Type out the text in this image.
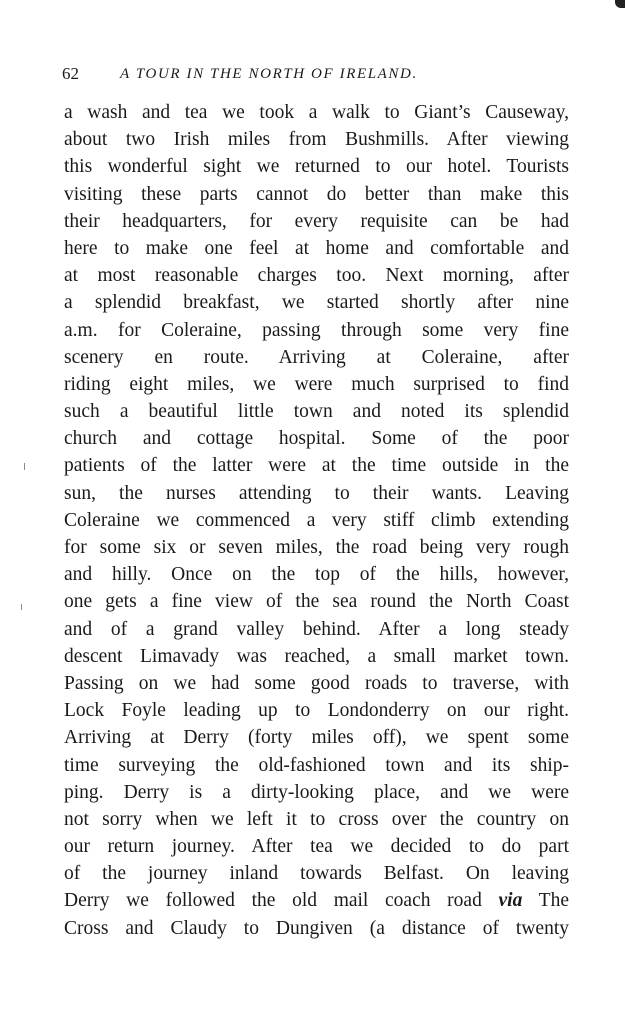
62	A TOUR IN THE NORTH OF IRELAND.
a wash and tea we took a walk to Giant’s Causeway,
about two Irish miles from Bushmills. After viewing
this wonderful sight we returned to our hotel. Tourists
visiting these parts cannot do better than make this
their headquarters, for every requisite can be had
here to make one feel at home and comfortable and
at most reasonable charges too. Next morning, after
a splendid breakfast, we started shortly after nine
a.m. for Coleraine, passing through some very fine
scenery en route. Arriving at Coleraine, after
riding eight miles, we were much surprised to find
such a beautiful little town and noted its splendid
church and cottage hospital. Some of the poor
patients of the latter were at the time outside in the
sun, the nurses attending to their wants. Leaving
Coleraine we commenced a very stiff climb extending
for some six or seven miles, the road being very rough
and hilly. Once on the top of the hills, however,
one gets a fine view of the sea round the North Coast
and of a grand valley behind. After a long steady
descent Limavady was reached, a small market town.
Passing on we had some good roads to traverse, with
Lock Foyle leading up to Londonderry on our right.
Arriving at Derry (forty miles off), we spent some
time surveying the old-fashioned town and its ship-
ping. Derry is a dirty-looking place, and we were
not sorry when we left it to cross over the country on
our return journey. After tea we decided to do part
of the journey inland towards Belfast. On leaving
Derry we followed the old mail coach road via The
Cross and Claudy to Dungiven (a distance of twenty
